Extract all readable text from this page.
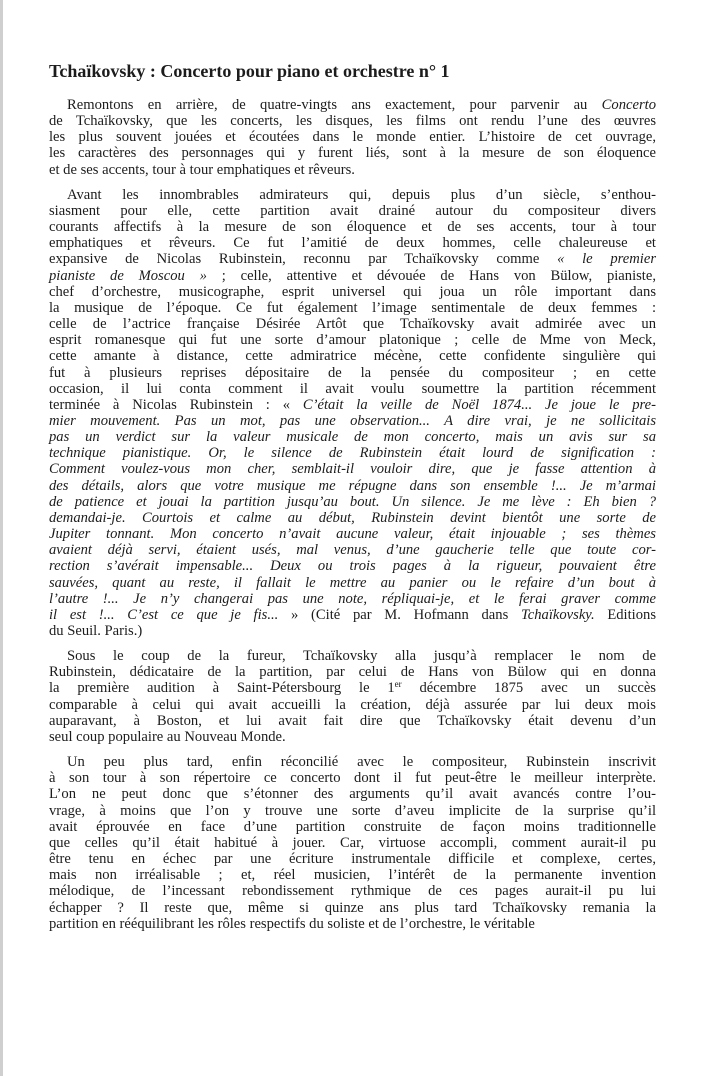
Tchaïkovsky : Concerto pour piano et orchestre n° 1
Remontons en arrière, de quatre-vingts ans exactement, pour parvenir au Concerto
de Tchaïkovsky, que les concerts, les disques, les films ont rendu l’une des œuvres
les plus souvent jouées et écoutées dans le monde entier. L’histoire de cet ouvrage,
les caractères des personnages qui y furent liés, sont à la mesure de son éloquence
et de ses accents, tour à tour emphatiques et rêveurs.
Avant les innombrables admirateurs qui, depuis plus d’un siècle, s’enthou-
siasment pour elle, cette partition avait drainé autour du compositeur divers
courants affectifs à la mesure de son éloquence et de ses accents, tour à tour
emphatiques et rêveurs. Ce fut l’amitié de deux hommes, celle chaleureuse et
expansive de Nicolas Rubinstein, reconnu par Tchaïkovsky comme « le premier
pianiste de Moscou » ; celle, attentive et dévouée de Hans von Bülow, pianiste,
chef d’orchestre, musicographe, esprit universel qui joua un rôle important dans
la musique de l’époque. Ce fut également l’image sentimentale de deux femmes :
celle de l’actrice française Désirée Artôt que Tchaïkovsky avait admirée avec un
esprit romanesque qui fut une sorte d’amour platonique ; celle de Mme von Meck,
cette amante à distance, cette admiratrice mécène, cette confidente singulière qui
fut à plusieurs reprises dépositaire de la pensée du compositeur ; en cette
occasion, il lui conta comment il avait voulu soumettre la partition récemment
terminée à Nicolas Rubinstein : « C’était la veille de Noël 1874... Je joue le pre-
mier mouvement. Pas un mot, pas une observation... A dire vrai, je ne sollicitais
pas un verdict sur la valeur musicale de mon concerto, mais un avis sur sa
technique pianistique. Or, le silence de Rubinstein était lourd de signification :
Comment voulez-vous mon cher, semblait-il vouloir dire, que je fasse attention à
des détails, alors que votre musique me répugne dans son ensemble !... Je m’armai
de patience et jouai la partition jusqu’au bout. Un silence. Je me lève : Eh bien ?
demandai-je. Courtois et calme au début, Rubinstein devint bientôt une sorte de
Jupiter tonnant. Mon concerto n’avait aucune valeur, était injouable ; ses thèmes
avaient déjà servi, étaient usés, mal venus, d’une gaucherie telle que toute cor-
rection s’avérait impensable... Deux ou trois pages à la rigueur, pouvaient être
sauvées, quant au reste, il fallait le mettre au panier ou le refaire d’un bout à
l’autre !... Je n’y changerai pas une note, répliquai-je, et le ferai graver comme
il est !... C’est ce que je fis... » (Cité par M. Hofmann dans Tchaïkovsky. Editions
du Seuil. Paris.)
Sous le coup de la fureur, Tchaïkovsky alla jusqu’à remplacer le nom de
Rubinstein, dédicataire de la partition, par celui de Hans von Bülow qui en donna
la première audition à Saint-Pétersbourg le 1er décembre 1875 avec un succès
comparable à celui qui avait accueilli la création, déjà assurée par lui deux mois
auparavant, à Boston, et lui avait fait dire que Tchaïkovsky était devenu d’un
seul coup populaire au Nouveau Monde.
Un peu plus tard, enfin réconcilié avec le compositeur, Rubinstein inscrivit
à son tour à son répertoire ce concerto dont il fut peut-être le meilleur interprète.
L’on ne peut donc que s’étonner des arguments qu’il avait avancés contre l’ou-
vrage, à moins que l’on y trouve une sorte d’aveu implicite de la surprise qu’il
avait éprouvée en face d’une partition construite de façon moins traditionnelle
que celles qu’il était habitué à jouer. Car, virtuose accompli, comment aurait-il pu
être tenu en échec par une écriture instrumentale difficile et complexe, certes,
mais non irréalisable ; et, réel musicien, l’intérêt de la permanente invention
mélodique, de l’incessant rebondissement rythmique de ces pages aurait-il pu lui
échapper ? Il reste que, même si quinze ans plus tard Tchaïkovsky remania la
partition en rééquilibrant les rôles respectifs du soliste et de l’orchestre, le véritable
